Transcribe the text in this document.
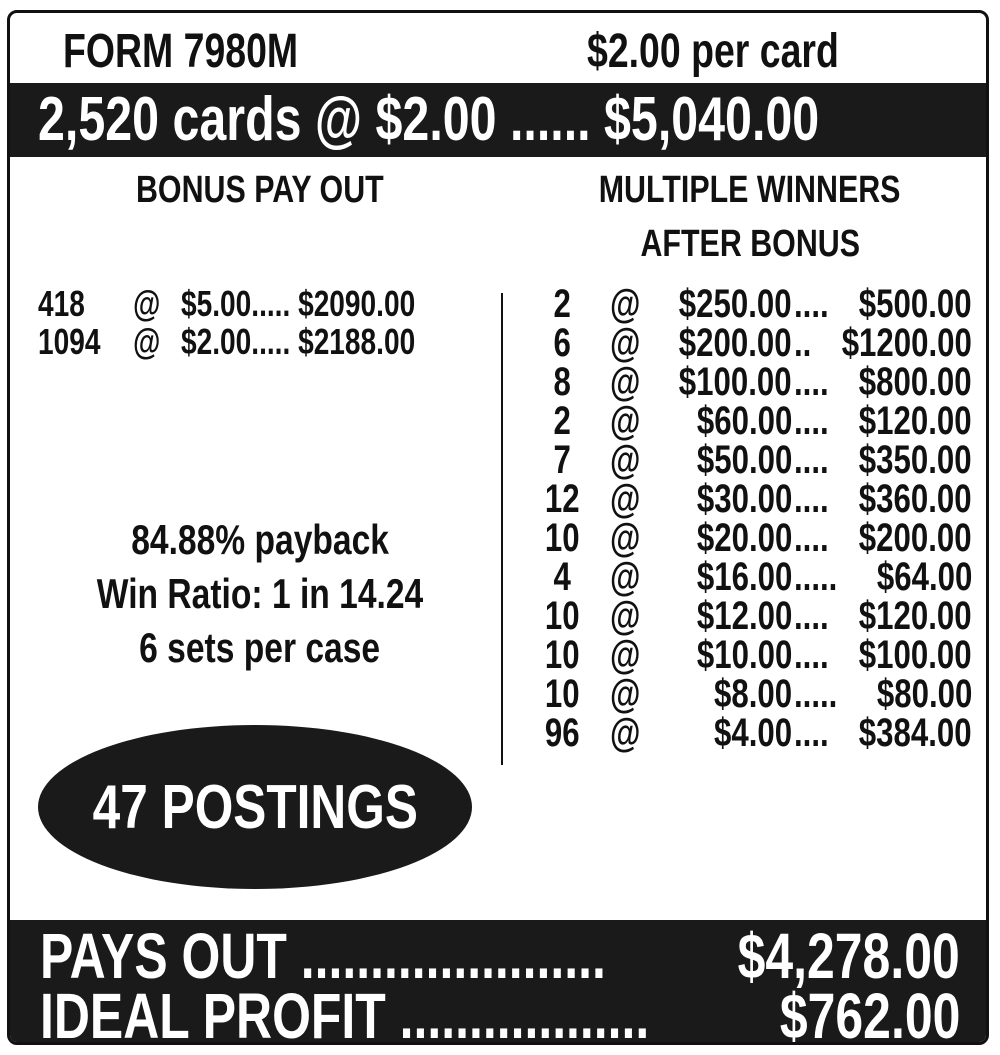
FORM 7980M	$2.00 per card
2,520 cards @ $2.00 ...... $5,040.00
BONUS PAY OUT	MULTIPLE WINNERS
AFTER BONUS
418	@ $5.00..... $2090.00
1094 @ $2.00..... $2188.00
2 @ $250.00 .... $500.00
6 @ $200.00 .. $1200.00
8 @ $100.00 .... $800.00
2 @	$60.00 .... $120.00
7 @	$50.00 .... $350.00
12 @	$30.00 .... $360.00
10 @	$20.00 .... $200.00
4 @	$16.00 ..... $64.00
10 @	$12.00 .... $120.00
10 @	$10.00 .... $100.00
10 @	$8.00 ..... $80.00
96 @	$4.00 .... $384.00
84.88% payback
Win Ratio: 1 in 14.24
6 sets per case
47 POSTINGS
PAYS OUT ......................	$4,278.00
IDEAL PROFIT ..................	$762.00
